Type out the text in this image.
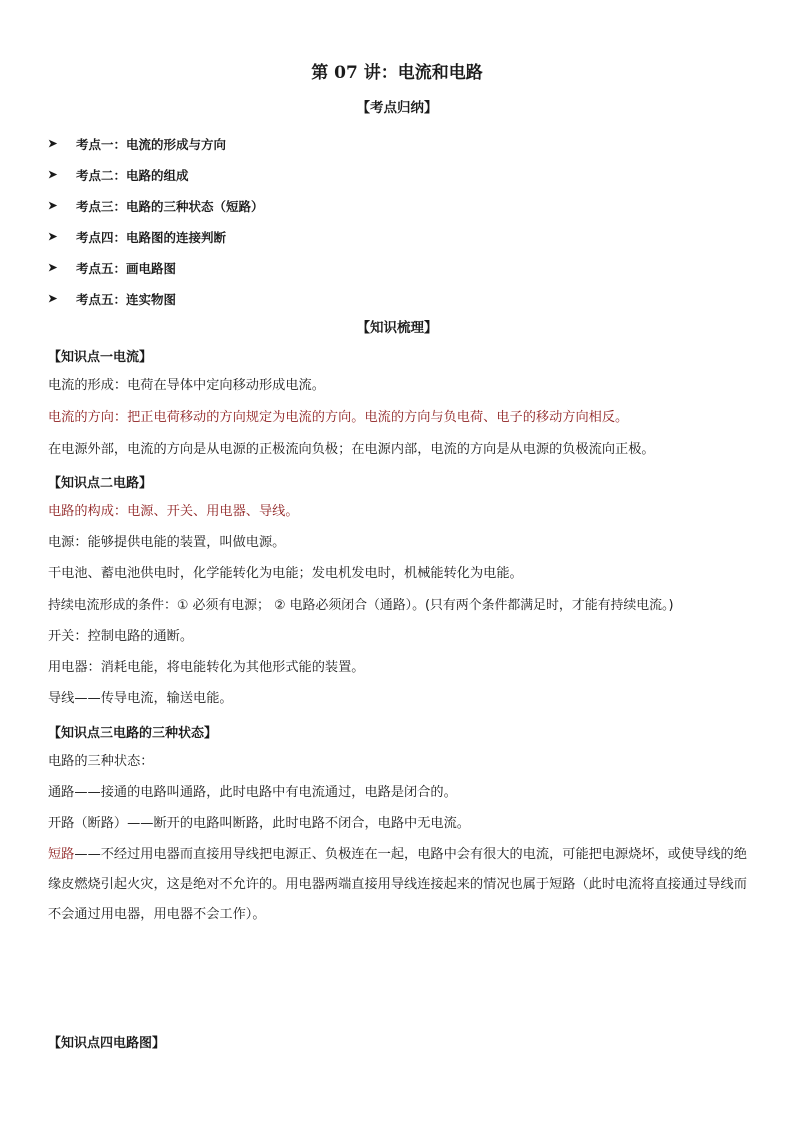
第 07 讲：电流和电路
【考点归纳】
➤	考点一：电流的形成与方向
➤	考点二：电路的组成
➤	考点三：电路的三种状态（短路）
➤	考点四：电路图的连接判断
➤	考点五：画电路图
➤	考点五：连实物图
【知识梳理】
【知识点一电流】
电流的形成：电荷在导体中定向移动形成电流。
电流的方向：把正电荷移动的方向规定为电流的方向。电流的方向与负电荷、电子的移动方向相反。
在电源外部，电流的方向是从电源的正极流向负极；在电源内部，电流的方向是从电源的负极流向正极。
【知识点二电路】
电路的构成：电源、开关、用电器、导线。
电源：能够提供电能的装置，叫做电源。
干电池、蓄电池供电时，化学能转化为电能；发电机发电时，机械能转化为电能。
持续电流形成的条件：① 必须有电源； ② 电路必须闭合（通路）。(只有两个条件都满足时，才能有持续电流。)
开关：控制电路的通断。
用电器：消耗电能，将电能转化为其他形式能的装置。
导线——传导电流，输送电能。
【知识点三电路的三种状态】
电路的三种状态：
通路——接通的电路叫通路，此时电路中有电流通过，电路是闭合的。
开路（断路）——断开的电路叫断路，此时电路不闭合，电路中无电流。
短路——不经过用电器而直接用导线把电源正、负极连在一起，电路中会有很大的电流，可能把电源烧坏，或使导线的绝缘皮燃烧引起火灾，这是绝对不允许的。用电器两端直接用导线连接起来的情况也属于短路（此时电流将直接通过导线而不会通过用电器，用电器不会工作）。
【知识点四电路图】
